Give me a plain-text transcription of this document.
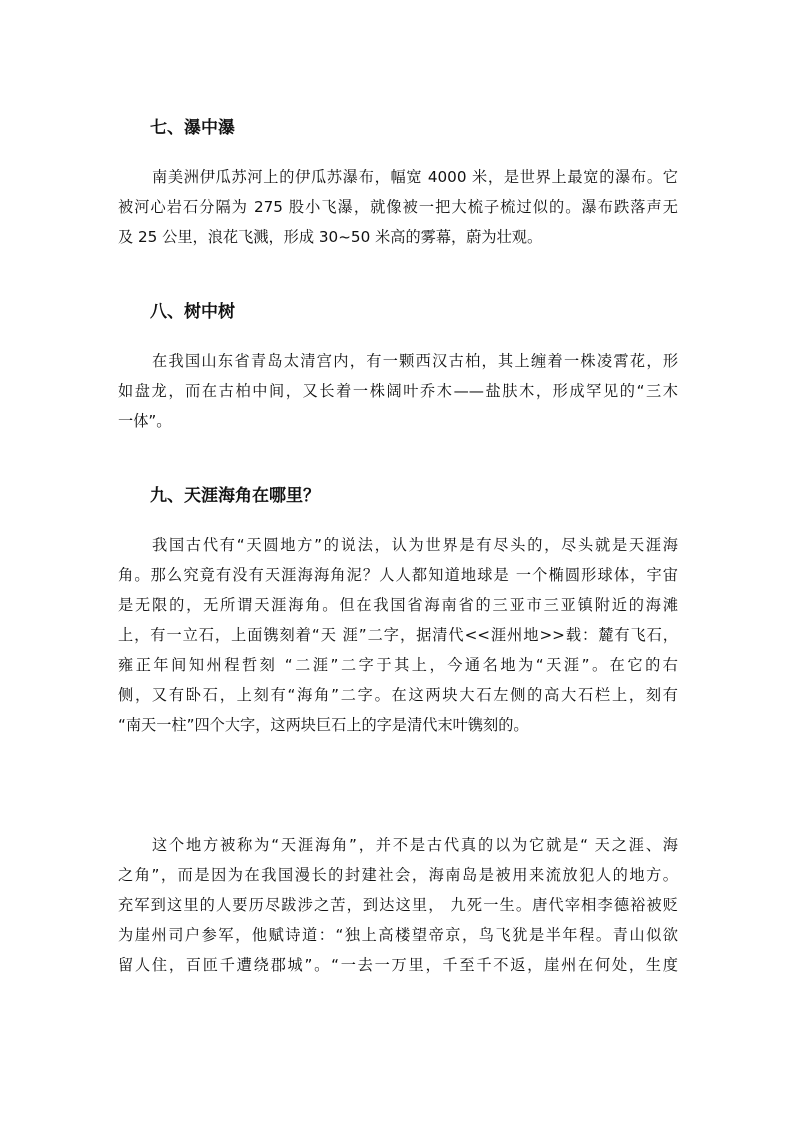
七、瀑中瀑
南美洲伊瓜苏河上的伊瓜苏瀑布，幅宽 4000 米，是世界上最宽的瀑布。它
被河心岩石分隔为 275 股小飞瀑，就像被一把大梳子梳过似的。瀑布跌落声无
及 25 公里，浪花飞溅，形成 30~50 米高的雾幕，蔚为壮观。
八、树中树
在我国山东省青岛太清宫内，有一颗西汉古柏，其上缠着一株凌霄花，形
如盘龙，而在古柏中间，又长着一株阔叶乔木——盐肤木，形成罕见的“三木
一体”。
九、天涯海角在哪里？
我国古代有“天圆地方”的说法，认为世界是有尽头的，尽头就是天涯海
角。那么究竟有没有天涯海海角泥？人人都知道地球是 一个椭圆形球体，宇宙
是无限的，无所谓天涯海角。但在我国省海南省的三亚市三亚镇附近的海滩
上，有一立石，上面镌刻着“天 涯”二字，据清代<<涯州地>>载：麓有飞石，
雍正年间知州程哲刻 “二涯”二字于其上，今通名地为“天涯”。在它的右
侧，又有卧石，上刻有“海角”二字。在这两块大石左侧的高大石栏上，刻有
“南天一柱”四个大字，这两块巨石上的字是清代末叶镌刻的。
这个地方被称为“天涯海角”，并不是古代真的以为它就是“ 天之涯、海
之角”，而是因为在我国漫长的封建社会，海南岛是被用来流放犯人的地方。
充军到这里的人要历尽跋涉之苦，到达这里， 九死一生。唐代宰相李德裕被贬
为崖州司户参军，他赋诗道：“独上高楼望帝京，鸟飞犹是半年程。青山似欲
留人住，百匝千遭绕郡城”。“一去一万里，千至千不返，崖州在何处，生度
